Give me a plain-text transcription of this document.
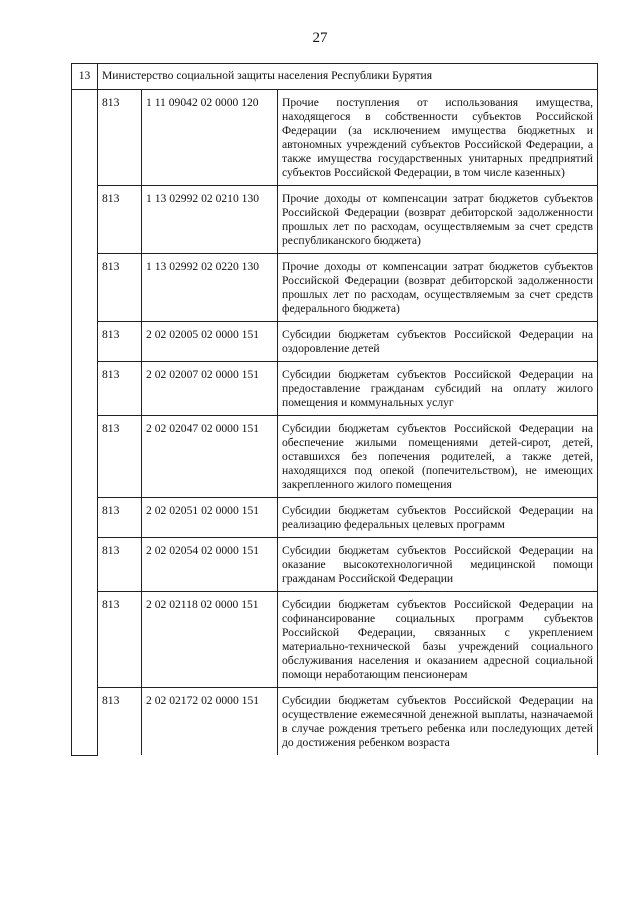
27
13	Министерство социальной защиты населения Республики Бурятия		
	813	1 11 09042 02 0000 120	Прочие поступления от использования имущества, находящегося в собственности субъектов Российской Федерации (за исключением имущества бюджетных и автономных учреждений субъектов Российской Федерации, а также имущества государственных унитарных предприятий субъектов Российской Федерации, в том числе казенных)
	813	1 13 02992 02 0210 130	Прочие доходы от компенсации затрат бюджетов субъектов Российской Федерации (возврат дебиторской задолженности прошлых лет по расходам, осуществляемым за счет средств республиканского бюджета)
	813	1 13 02992 02 0220 130	Прочие доходы от компенсации затрат бюджетов субъектов Российской Федерации (возврат дебиторской задолженности прошлых лет по расходам, осуществляемым за счет средств федерального бюджета)
	813	2 02 02005 02 0000 151	Субсидии бюджетам субъектов Российской Федерации на оздоровление детей
	813	2 02 02007 02 0000 151	Субсидии бюджетам субъектов Российской Федерации на предоставление гражданам субсидий на оплату жилого помещения и коммунальных услуг
	813	2 02 02047 02 0000 151	Субсидии бюджетам субъектов Российской Федерации на обеспечение жилыми помещениями детей-сирот, детей, оставшихся без попечения родителей, а также детей, находящихся под опекой (попечительством), не имеющих закрепленного жилого помещения
	813	2 02 02051 02 0000 151	Субсидии бюджетам субъектов Российской Федерации на реализацию федеральных целевых программ
	813	2 02 02054 02 0000 151	Субсидии бюджетам субъектов Российской Федерации на оказание высокотехнологичной медицинской помощи гражданам Российской Федерации
	813	2 02 02118 02 0000 151	Субсидии бюджетам субъектов Российской Федерации на софинансирование социальных программ субъектов Российской Федерации, связанных с укреплением материально-технической базы учреждений социального обслуживания населения и оказанием адресной социальной помощи неработающим пенсионерам
	813	2 02 02172 02 0000 151	Субсидии бюджетам субъектов Российской Федерации на осуществление ежемесячной денежной выплаты, назначаемой в случае рождения третьего ребенка или последующих детей до достижения ребенком возраста
